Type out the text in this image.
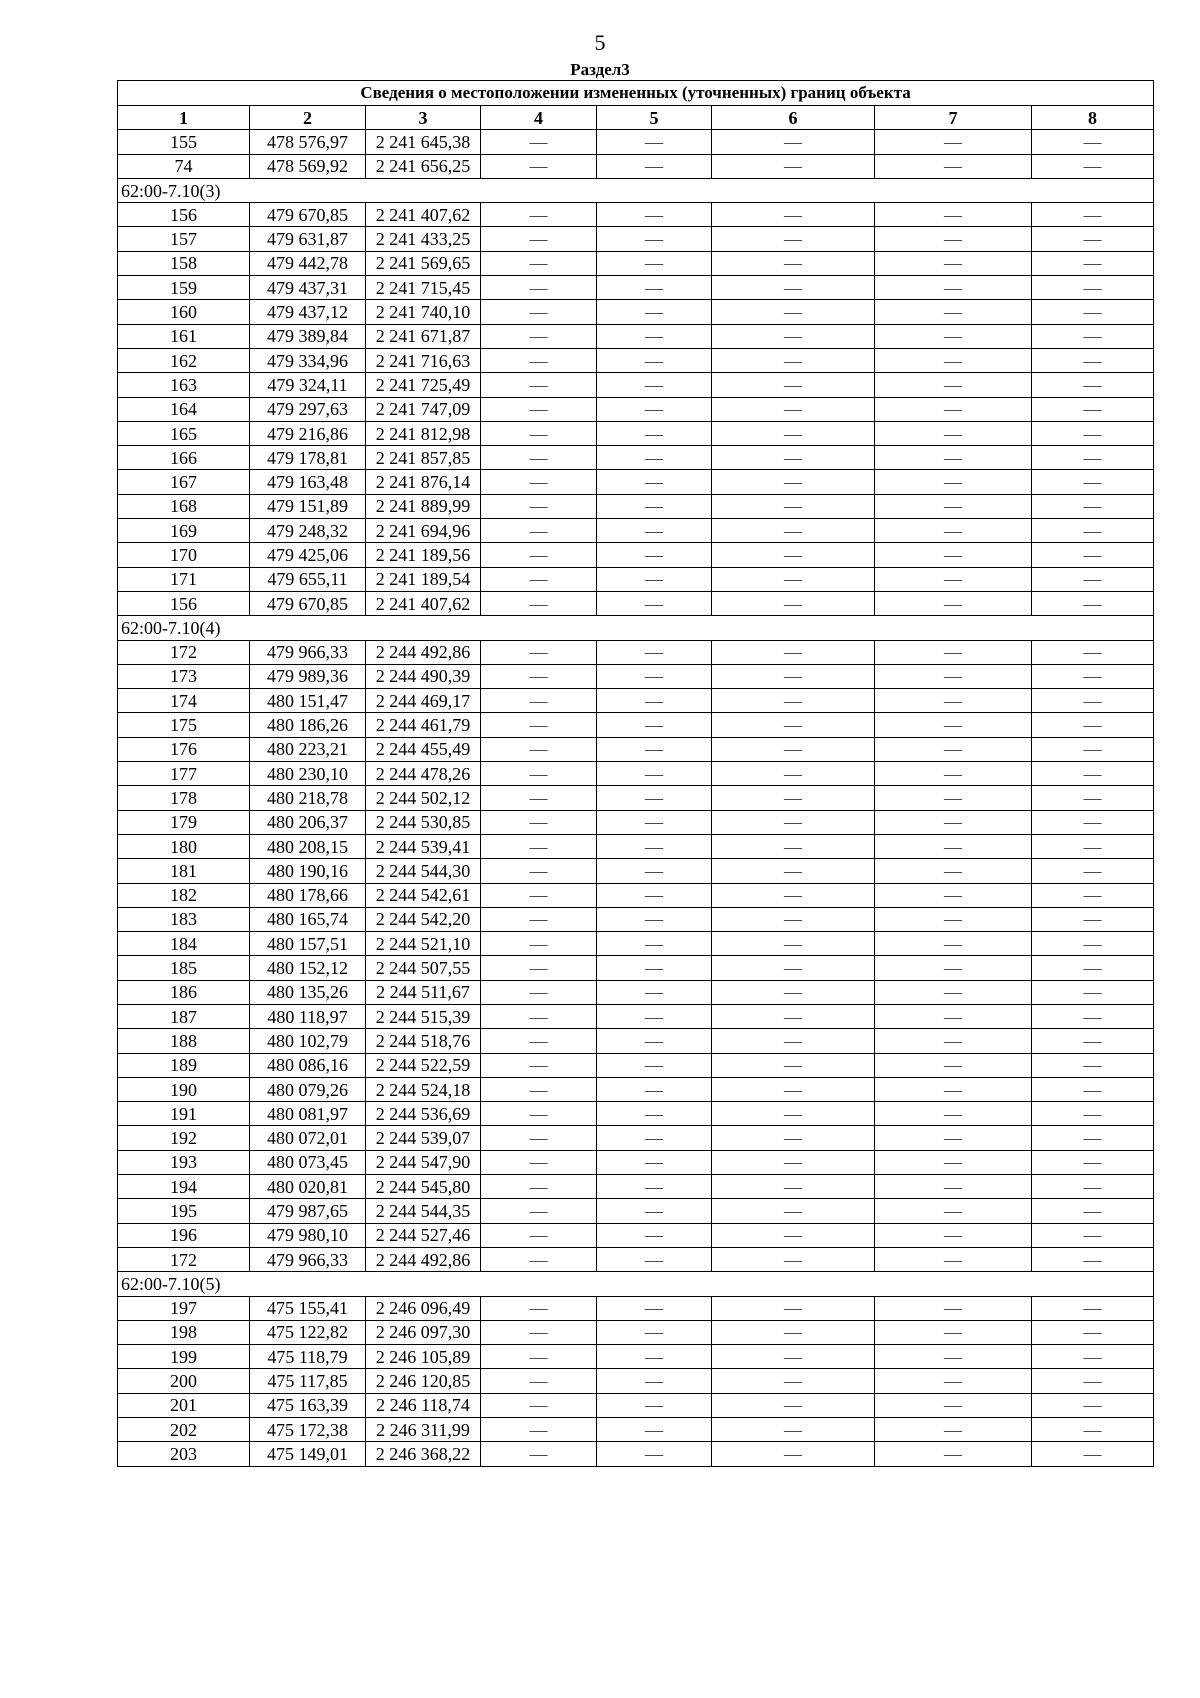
5
Раздел3
Сведения о местоположении измененных (уточненных) границ объекта							
1	2	3	4	5	6	7	8
155	478 576,97	2 241 645,38	—	—	—	—	—
74	478 569,92	2 241 656,25	—	—	—	—	—
62:00-7.10(3)							
156	479 670,85	2 241 407,62	—	—	—	—	—
157	479 631,87	2 241 433,25	—	—	—	—	—
158	479 442,78	2 241 569,65	—	—	—	—	—
159	479 437,31	2 241 715,45	—	—	—	—	—
160	479 437,12	2 241 740,10	—	—	—	—	—
161	479 389,84	2 241 671,87	—	—	—	—	—
162	479 334,96	2 241 716,63	—	—	—	—	—
163	479 324,11	2 241 725,49	—	—	—	—	—
164	479 297,63	2 241 747,09	—	—	—	—	—
165	479 216,86	2 241 812,98	—	—	—	—	—
166	479 178,81	2 241 857,85	—	—	—	—	—
167	479 163,48	2 241 876,14	—	—	—	—	—
168	479 151,89	2 241 889,99	—	—	—	—	—
169	479 248,32	2 241 694,96	—	—	—	—	—
170	479 425,06	2 241 189,56	—	—	—	—	—
171	479 655,11	2 241 189,54	—	—	—	—	—
156	479 670,85	2 241 407,62	—	—	—	—	—
62:00-7.10(4)							
172	479 966,33	2 244 492,86	—	—	—	—	—
173	479 989,36	2 244 490,39	—	—	—	—	—
174	480 151,47	2 244 469,17	—	—	—	—	—
175	480 186,26	2 244 461,79	—	—	—	—	—
176	480 223,21	2 244 455,49	—	—	—	—	—
177	480 230,10	2 244 478,26	—	—	—	—	—
178	480 218,78	2 244 502,12	—	—	—	—	—
179	480 206,37	2 244 530,85	—	—	—	—	—
180	480 208,15	2 244 539,41	—	—	—	—	—
181	480 190,16	2 244 544,30	—	—	—	—	—
182	480 178,66	2 244 542,61	—	—	—	—	—
183	480 165,74	2 244 542,20	—	—	—	—	—
184	480 157,51	2 244 521,10	—	—	—	—	—
185	480 152,12	2 244 507,55	—	—	—	—	—
186	480 135,26	2 244 511,67	—	—	—	—	—
187	480 118,97	2 244 515,39	—	—	—	—	—
188	480 102,79	2 244 518,76	—	—	—	—	—
189	480 086,16	2 244 522,59	—	—	—	—	—
190	480 079,26	2 244 524,18	—	—	—	—	—
191	480 081,97	2 244 536,69	—	—	—	—	—
192	480 072,01	2 244 539,07	—	—	—	—	—
193	480 073,45	2 244 547,90	—	—	—	—	—
194	480 020,81	2 244 545,80	—	—	—	—	—
195	479 987,65	2 244 544,35	—	—	—	—	—
196	479 980,10	2 244 527,46	—	—	—	—	—
172	479 966,33	2 244 492,86	—	—	—	—	—
62:00-7.10(5)							
197	475 155,41	2 246 096,49	—	—	—	—	—
198	475 122,82	2 246 097,30	—	—	—	—	—
199	475 118,79	2 246 105,89	—	—	—	—	—
200	475 117,85	2 246 120,85	—	—	—	—	—
201	475 163,39	2 246 118,74	—	—	—	—	—
202	475 172,38	2 246 311,99	—	—	—	—	—
203	475 149,01	2 246 368,22	—	—	—	—	—
